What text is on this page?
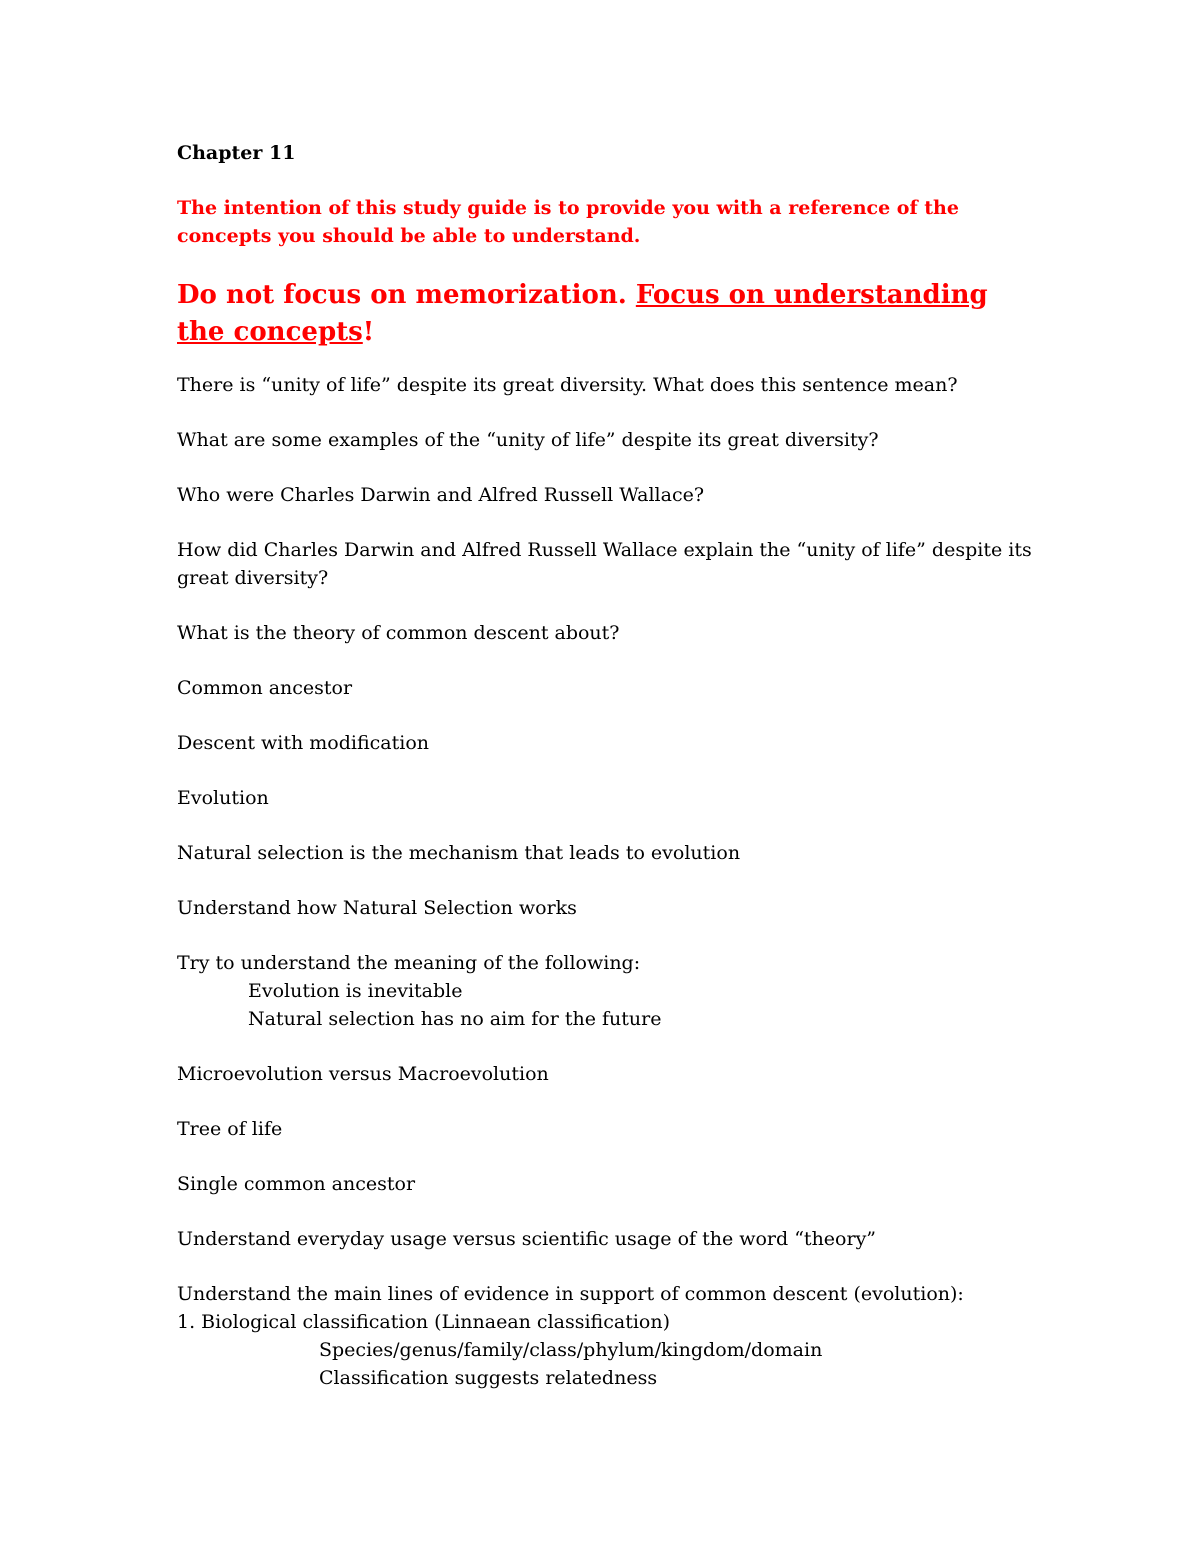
Chapter 11

The intention of this study guide is to provide you with a reference of the concepts you should be able to understand.

Do not focus on memorization. Focus on understanding the concepts!

There is “unity of life” despite its great diversity. What does this sentence mean?

What are some examples of the “unity of life” despite its great diversity?

Who were Charles Darwin and Alfred Russell Wallace?

How did Charles Darwin and Alfred Russell Wallace explain the “unity of life” despite its great diversity?

What is the theory of common descent about?

Common ancestor

Descent with modification

Evolution

Natural selection is the mechanism that leads to evolution

Understand how Natural Selection works

Try to understand the meaning of the following:
Evolution is inevitable
Natural selection has no aim for the future

Microevolution versus Macroevolution

Tree of life

Single common ancestor

Understand everyday usage versus scientific usage of the word “theory”

Understand the main lines of evidence in support of common descent (evolution):
1. Biological classification (Linnaean classification)
Species/genus/family/class/phylum/kingdom/domain
Classification suggests relatedness
